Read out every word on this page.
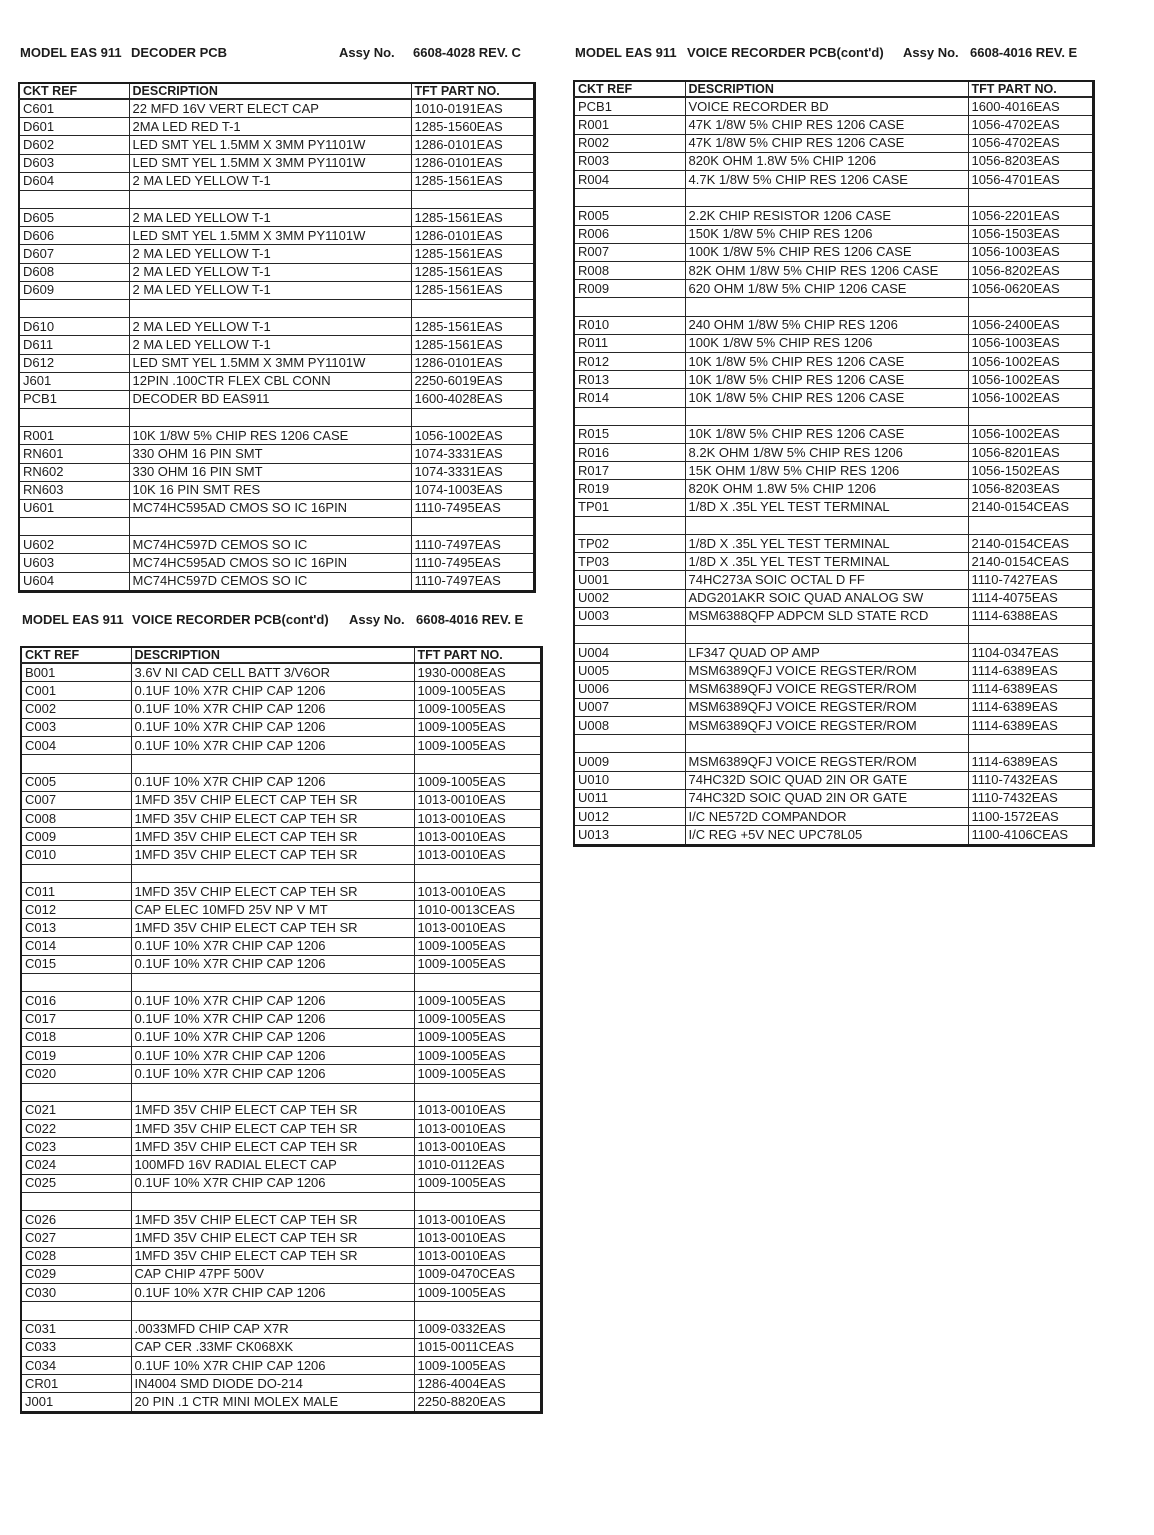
MODEL EAS 911 DECODER PCB	Assy No. 6608-4028 REV. C
CKT REF	DESCRIPTION	TFT PART NO.
C601	22 MFD 16V VERT ELECT CAP	1010-0191EAS
D601	2MA LED RED T-1	1285-1560EAS
D602	LED SMT YEL 1.5MM X 3MM PY1101W	1286-0101EAS
D603	LED SMT YEL 1.5MM X 3MM PY1101W	1286-0101EAS
D604	2 MA LED YELLOW T-1	1285-1561EAS

D605	2 MA LED YELLOW T-1	1285-1561EAS
D606	LED SMT YEL 1.5MM X 3MM PY1101W	1286-0101EAS
D607	2 MA LED YELLOW T-1	1285-1561EAS
D608	2 MA LED YELLOW T-1	1285-1561EAS
D609	2 MA LED YELLOW T-1	1285-1561EAS

D610	2 MA LED YELLOW T-1	1285-1561EAS
D611	2 MA LED YELLOW T-1	1285-1561EAS
D612	LED SMT YEL 1.5MM X 3MM PY1101W	1286-0101EAS
J601	12PIN .100CTR FLEX CBL CONN	2250-6019EAS
PCB1	DECODER BD EAS911	1600-4028EAS

R001	10K 1/8W 5% CHIP RES 1206 CASE	1056-1002EAS
RN601	330 OHM 16 PIN SMT	1074-3331EAS
RN602	330 OHM 16 PIN SMT	1074-3331EAS
RN603	10K 16 PIN SMT RES	1074-1003EAS
U601	MC74HC595AD CMOS SO IC 16PIN	1110-7495EAS

U602	MC74HC597D CEMOS SO IC	1110-7497EAS
U603	MC74HC595AD CMOS SO IC 16PIN	1110-7495EAS
U604	MC74HC597D CEMOS SO IC	1110-7497EAS
MODEL EAS 911 VOICE RECORDER PCB(cont'd) Assy No. 6608-4016 REV. E
CKT REF	DESCRIPTION	TFT PART NO.
B001	3.6V NI CAD CELL BATT 3/V6OR	1930-0008EAS
C001	0.1UF 10% X7R CHIP CAP 1206	1009-1005EAS
C002	0.1UF 10% X7R CHIP CAP 1206	1009-1005EAS
C003	0.1UF 10% X7R CHIP CAP 1206	1009-1005EAS
C004	0.1UF 10% X7R CHIP CAP 1206	1009-1005EAS

C005	0.1UF 10% X7R CHIP CAP 1206	1009-1005EAS
C007	1MFD 35V CHIP ELECT CAP TEH SR	1013-0010EAS
C008	1MFD 35V CHIP ELECT CAP TEH SR	1013-0010EAS
C009	1MFD 35V CHIP ELECT CAP TEH SR	1013-0010EAS
C010	1MFD 35V CHIP ELECT CAP TEH SR	1013-0010EAS

C011	1MFD 35V CHIP ELECT CAP TEH SR	1013-0010EAS
C012	CAP ELEC 10MFD 25V NP V MT	1010-0013CEAS
C013	1MFD 35V CHIP ELECT CAP TEH SR	1013-0010EAS
C014	0.1UF 10% X7R CHIP CAP 1206	1009-1005EAS
C015	0.1UF 10% X7R CHIP CAP 1206	1009-1005EAS

C016	0.1UF 10% X7R CHIP CAP 1206	1009-1005EAS
C017	0.1UF 10% X7R CHIP CAP 1206	1009-1005EAS
C018	0.1UF 10% X7R CHIP CAP 1206	1009-1005EAS
C019	0.1UF 10% X7R CHIP CAP 1206	1009-1005EAS
C020	0.1UF 10% X7R CHIP CAP 1206	1009-1005EAS

C021	1MFD 35V CHIP ELECT CAP TEH SR	1013-0010EAS
C022	1MFD 35V CHIP ELECT CAP TEH SR	1013-0010EAS
C023	1MFD 35V CHIP ELECT CAP TEH SR	1013-0010EAS
C024	100MFD 16V RADIAL ELECT CAP	1010-0112EAS
C025	0.1UF 10% X7R CHIP CAP 1206	1009-1005EAS

C026	1MFD 35V CHIP ELECT CAP TEH SR	1013-0010EAS
C027	1MFD 35V CHIP ELECT CAP TEH SR	1013-0010EAS
C028	1MFD 35V CHIP ELECT CAP TEH SR	1013-0010EAS
C029	CAP CHIP 47PF 500V	1009-0470CEAS
C030	0.1UF 10% X7R CHIP CAP 1206	1009-1005EAS

C031	.0033MFD CHIP CAP X7R	1009-0332EAS
C033	CAP CER .33MF CK068XK	1015-0011CEAS
C034	0.1UF 10% X7R CHIP CAP 1206	1009-1005EAS
CR01	IN4004 SMD DIODE DO-214	1286-4004EAS
J001	20 PIN .1 CTR MINI MOLEX MALE	2250-8820EAS
MODEL EAS 911 VOICE RECORDER PCB(cont'd) Assy No. 6608-4016 REV. E
CKT REF	DESCRIPTION	TFT PART NO.
PCB1	VOICE RECORDER BD	1600-4016EAS
R001	47K 1/8W 5% CHIP RES 1206 CASE	1056-4702EAS
R002	47K 1/8W 5% CHIP RES 1206 CASE	1056-4702EAS
R003	820K OHM 1.8W 5% CHIP 1206	1056-8203EAS
R004	4.7K 1/8W 5% CHIP RES 1206 CASE	1056-4701EAS

R005	2.2K CHIP RESISTOR 1206 CASE	1056-2201EAS
R006	150K 1/8W 5% CHIP RES 1206	1056-1503EAS
R007	100K 1/8W 5% CHIP RES 1206 CASE	1056-1003EAS
R008	82K OHM 1/8W 5% CHIP RES 1206 CASE	1056-8202EAS
R009	620 OHM 1/8W 5% CHIP 1206 CASE	1056-0620EAS

R010	240 OHM 1/8W 5% CHIP RES 1206	1056-2400EAS
R011	100K 1/8W 5% CHIP RES 1206	1056-1003EAS
R012	10K 1/8W 5% CHIP RES 1206 CASE	1056-1002EAS
R013	10K 1/8W 5% CHIP RES 1206 CASE	1056-1002EAS
R014	10K 1/8W 5% CHIP RES 1206 CASE	1056-1002EAS

R015	10K 1/8W 5% CHIP RES 1206 CASE	1056-1002EAS
R016	8.2K OHM 1/8W 5% CHIP RES 1206	1056-8201EAS
R017	15K OHM 1/8W 5% CHIP RES 1206	1056-1502EAS
R019	820K OHM 1.8W 5% CHIP 1206	1056-8203EAS
TP01	1/8D X .35L YEL TEST TERMINAL	2140-0154CEAS

TP02	1/8D X .35L YEL TEST TERMINAL	2140-0154CEAS
TP03	1/8D X .35L YEL TEST TERMINAL	2140-0154CEAS
U001	74HC273A SOIC OCTAL D FF	1110-7427EAS
U002	ADG201AKR SOIC QUAD ANALOG SW	1114-4075EAS
U003	MSM6388QFP ADPCM SLD STATE RCD	1114-6388EAS

U004	LF347 QUAD OP AMP	1104-0347EAS
U005	MSM6389QFJ VOICE REGSTER/ROM	1114-6389EAS
U006	MSM6389QFJ VOICE REGSTER/ROM	1114-6389EAS
U007	MSM6389QFJ VOICE REGSTER/ROM	1114-6389EAS
U008	MSM6389QFJ VOICE REGSTER/ROM	1114-6389EAS

U009	MSM6389QFJ VOICE REGSTER/ROM	1114-6389EAS
U010	74HC32D SOIC QUAD 2IN OR GATE	1110-7432EAS
U011	74HC32D SOIC QUAD 2IN OR GATE	1110-7432EAS
U012	I/C NE572D COMPANDOR	1100-1572EAS
U013	I/C REG +5V NEC UPC78L05	1100-4106CEAS
